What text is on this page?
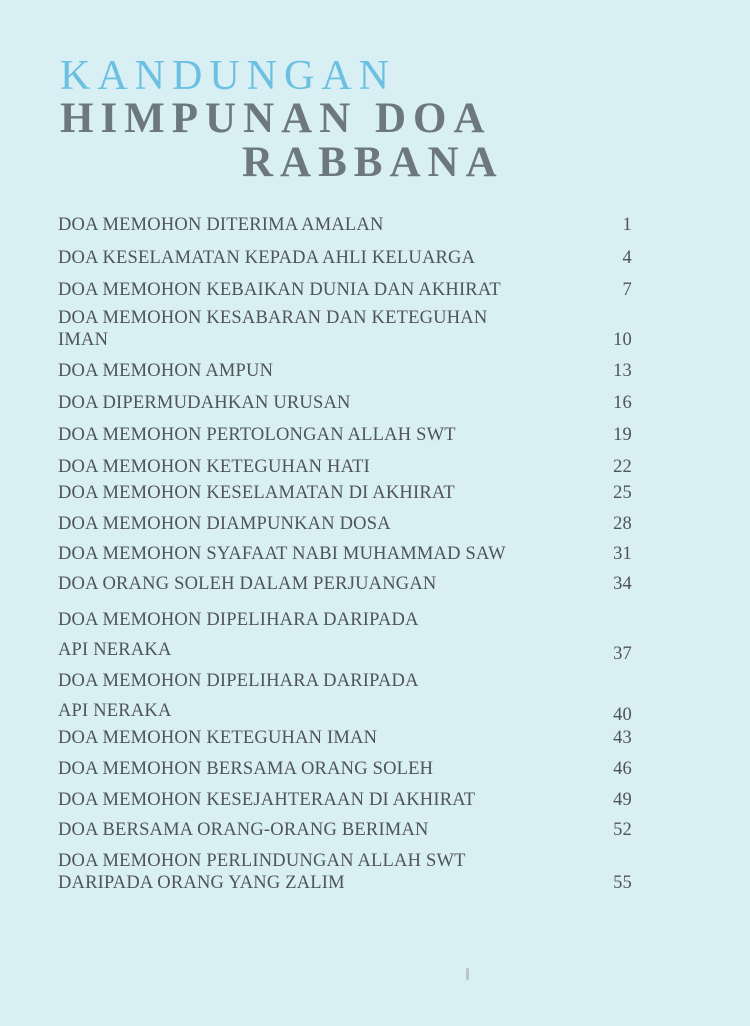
KANDUNGAN
HIMPUNAN DOA
RABBANA
DOA MEMOHON DITERIMA AMALAN	1
DOA KESELAMATAN KEPADA AHLI KELUARGA	4
DOA MEMOHON KEBAIKAN DUNIA DAN AKHIRAT	7
DOA MEMOHON KESABARAN DAN KETEGUHAN
IMAN	10
DOA MEMOHON AMPUN	13
DOA DIPERMUDAHKAN URUSAN	16
DOA MEMOHON PERTOLONGAN ALLAH SWT	19
DOA MEMOHON KETEGUHAN HATI	22
DOA MEMOHON KESELAMATAN DI AKHIRAT	25
DOA MEMOHON DIAMPUNKAN DOSA	28
DOA MEMOHON SYAFAAT NABI MUHAMMAD SAW	31
DOA ORANG SOLEH DALAM PERJUANGAN	34
DOA MEMOHON DIPELIHARA DARIPADA
API NERAKA	37
DOA MEMOHON DIPELIHARA DARIPADA
API NERAKA	40
DOA MEMOHON KETEGUHAN IMAN	43
DOA MEMOHON BERSAMA ORANG SOLEH	46
DOA MEMOHON KESEJAHTERAAN DI AKHIRAT	49
DOA BERSAMA ORANG-ORANG BERIMAN	52
DOA MEMOHON PERLINDUNGAN ALLAH SWT
DARIPADA ORANG YANG ZALIM	55
